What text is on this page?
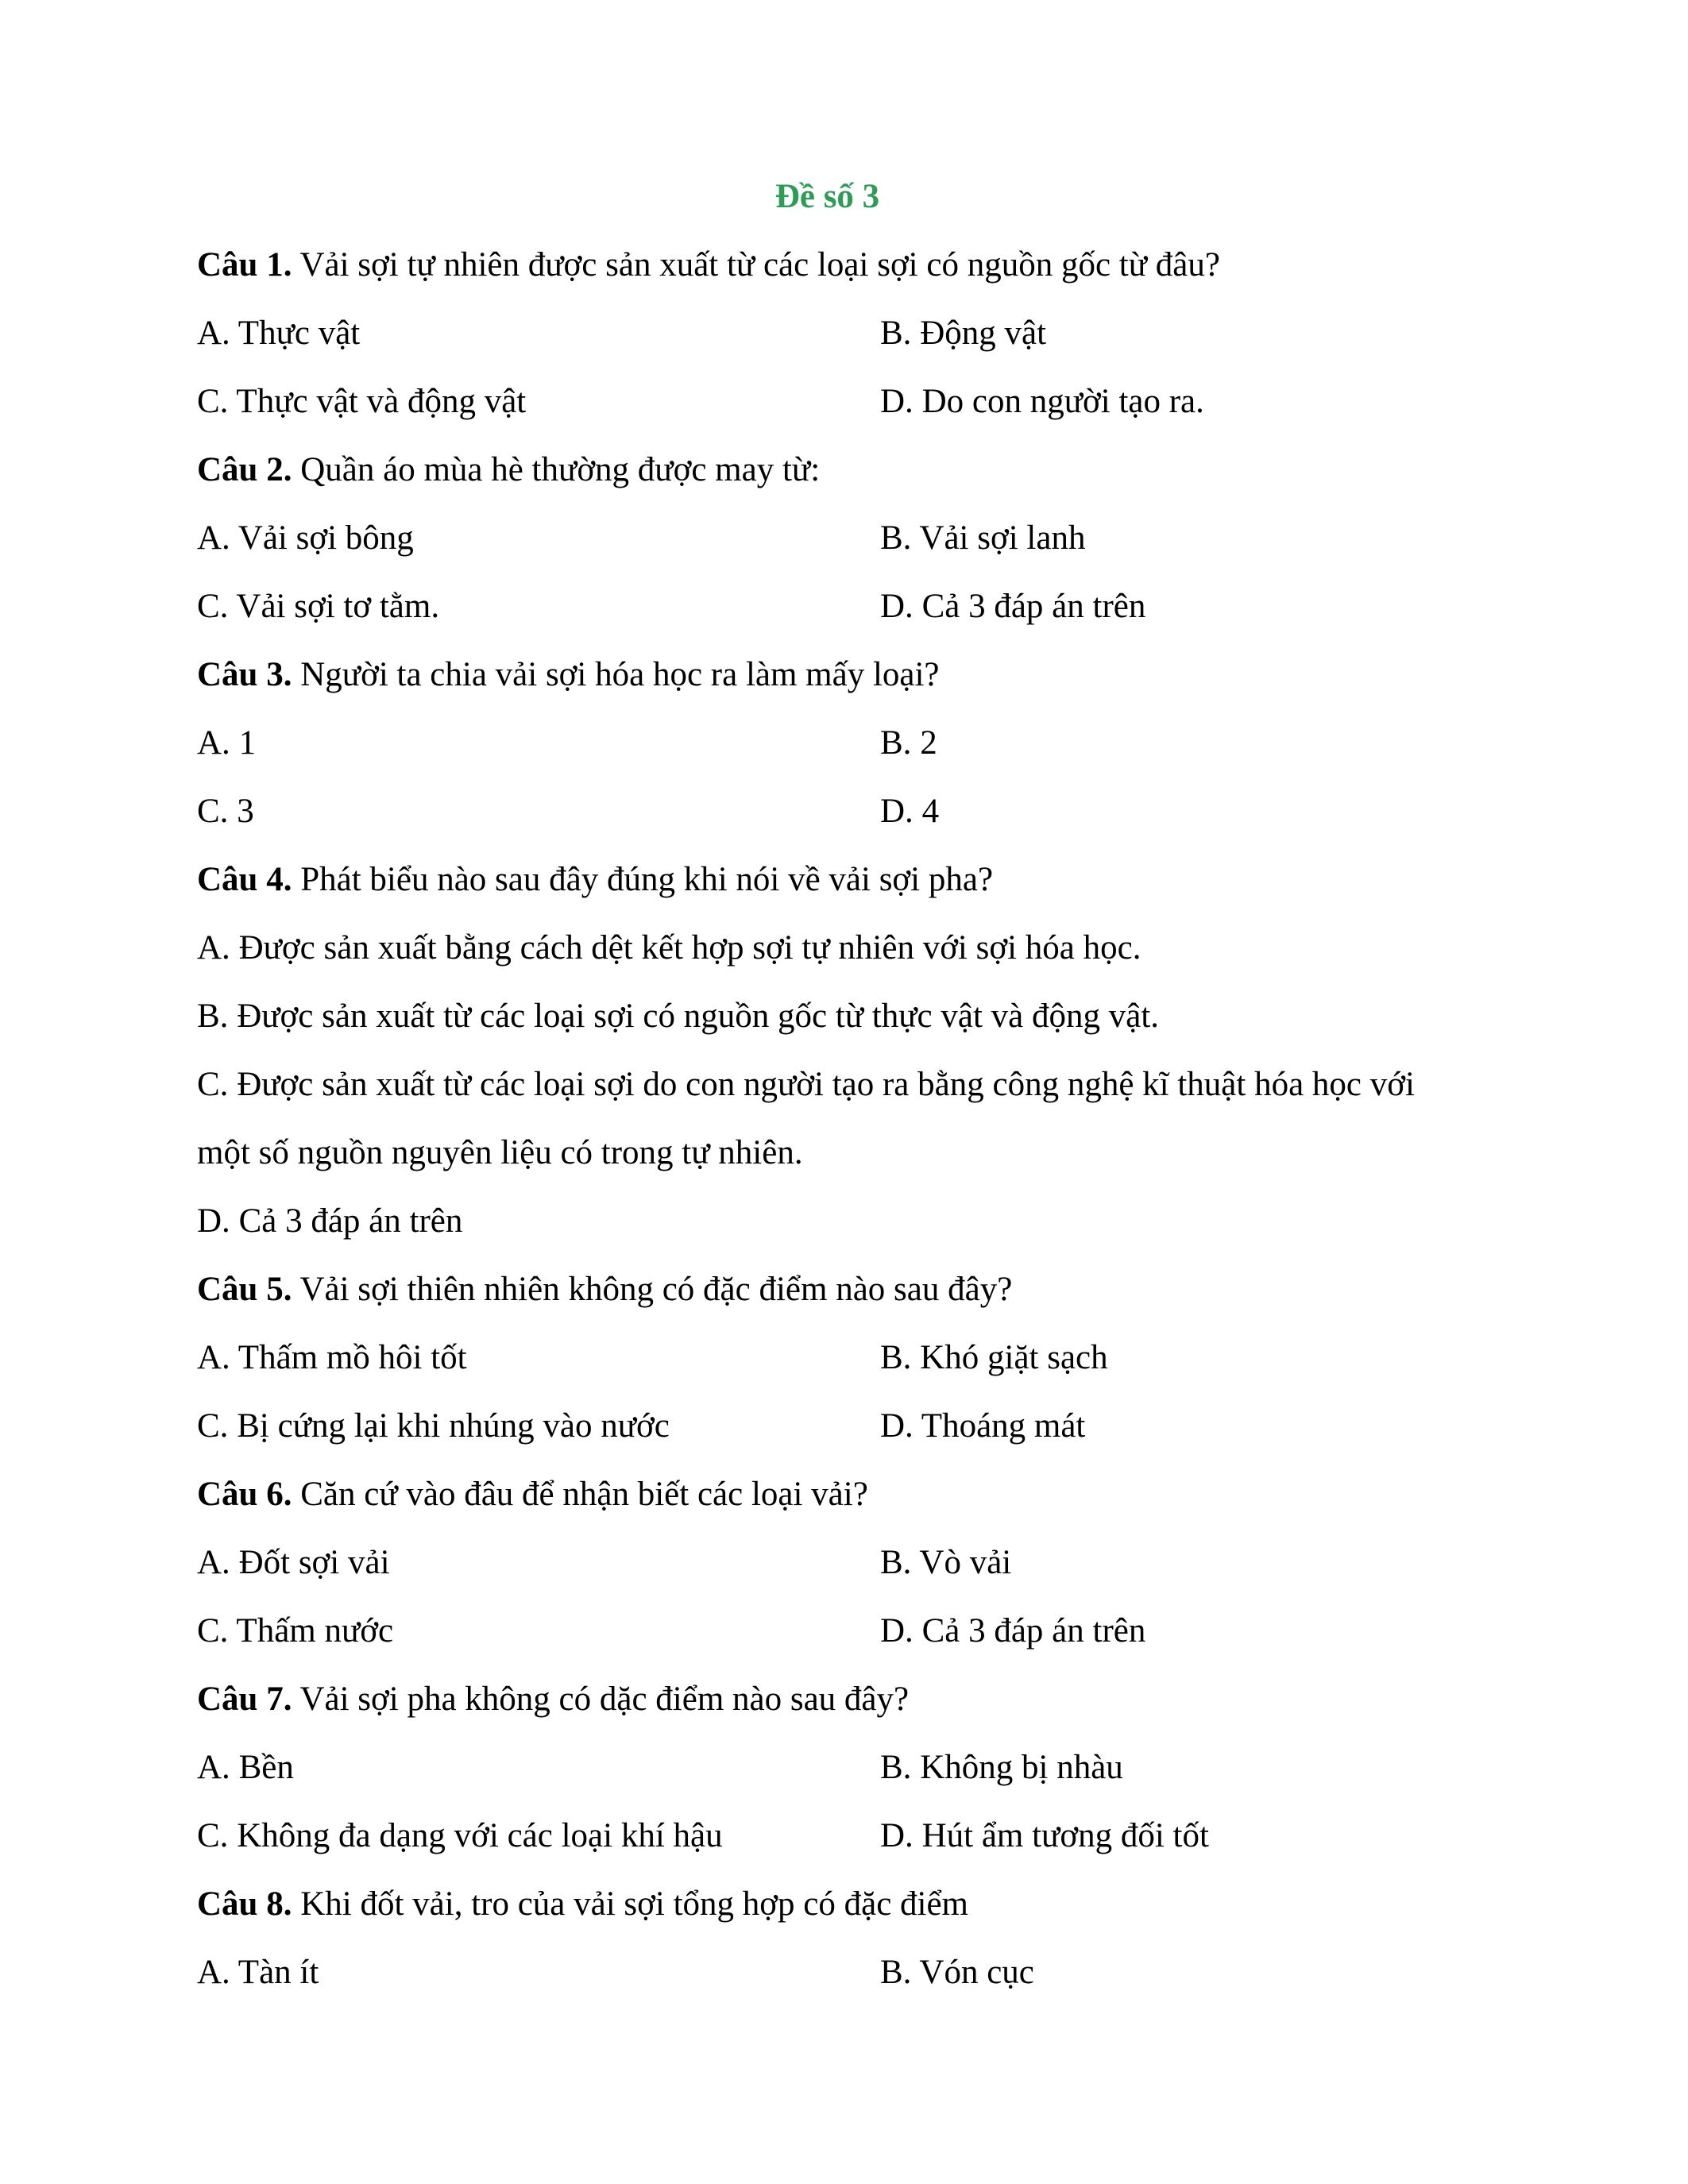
Đề số 3
Câu 1. Vải sợi tự nhiên được sản xuất từ các loại sợi có nguồn gốc từ đâu?
A. Thực vật	B. Động vật
C. Thực vật và động vật	D. Do con người tạo ra.
Câu 2. Quần áo mùa hè thường được may từ:
A. Vải sợi bông	B. Vải sợi lanh
C. Vải sợi tơ tằm.	D. Cả 3 đáp án trên
Câu 3. Người ta chia vải sợi hóa học ra làm mấy loại?
A. 1	B. 2
C. 3	D. 4
Câu 4. Phát biểu nào sau đây đúng khi nói về vải sợi pha?
A. Được sản xuất bằng cách dệt kết hợp sợi tự nhiên với sợi hóa học.
B. Được sản xuất từ các loại sợi có nguồn gốc từ thực vật và động vật.
C. Được sản xuất từ các loại sợi do con người tạo ra bằng công nghệ kĩ thuật hóa học với một số nguồn nguyên liệu có trong tự nhiên.
D. Cả 3 đáp án trên
Câu 5. Vải sợi thiên nhiên không có đặc điểm nào sau đây?
A. Thấm mồ hôi tốt	B. Khó giặt sạch
C. Bị cứng lại khi nhúng vào nước	D. Thoáng mát
Câu 6. Căn cứ vào đâu để nhận biết các loại vải?
A. Đốt sợi vải	B. Vò vải
C. Thấm nước	D. Cả 3 đáp án trên
Câu 7. Vải sợi pha không có dặc điểm nào sau đây?
A. Bền	B. Không bị nhàu
C. Không đa dạng với các loại khí hậu	D. Hút ẩm tương đối tốt
Câu 8. Khi đốt vải, tro của vải sợi tổng hợp có đặc điểm
A. Tàn ít	B. Vón cục
